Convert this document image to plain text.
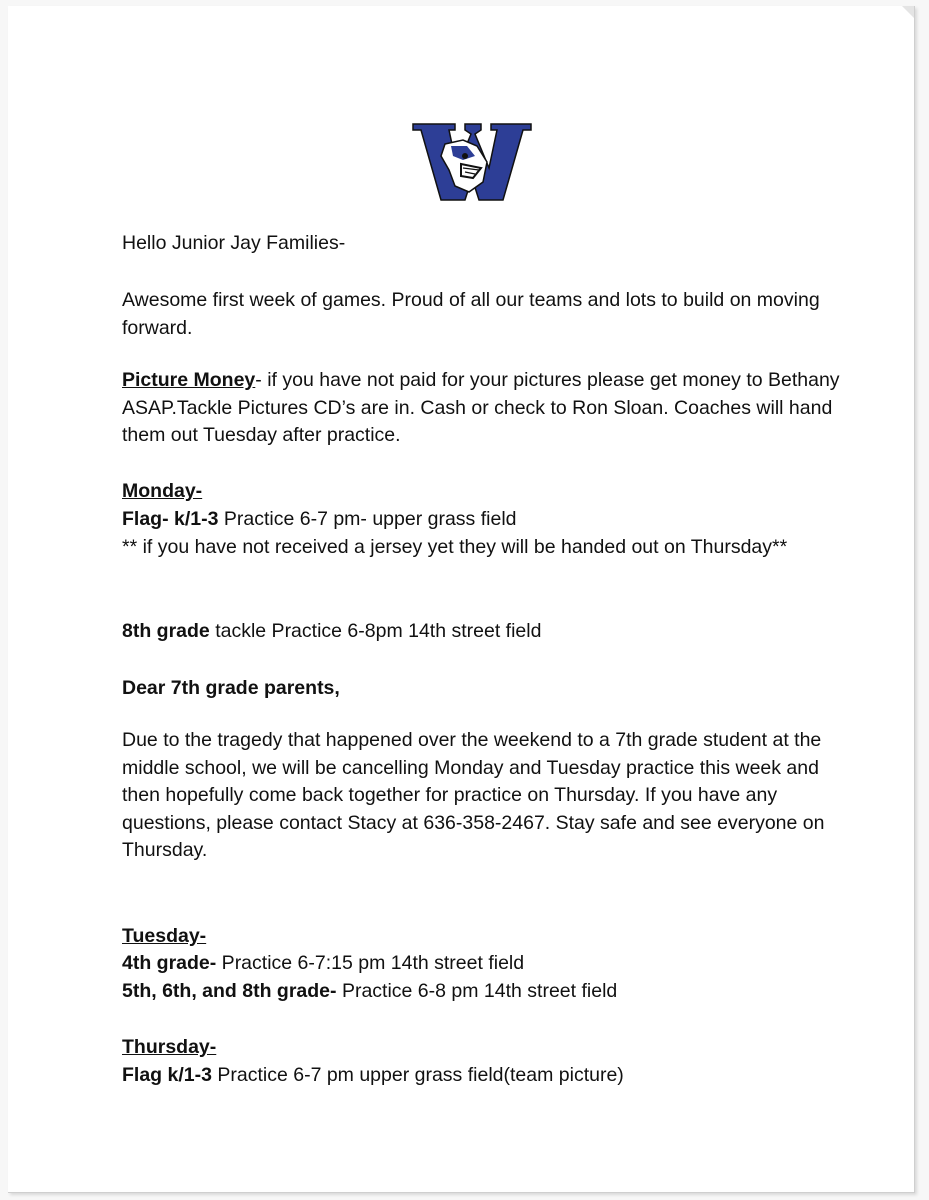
Hello Junior Jay Families-

Awesome first week of games. Proud of all our teams and lots to build on moving forward.

Picture Money- if you have not paid for your pictures please get money to Bethany ASAP.Tackle Pictures CD’s are in. Cash or check to Ron Sloan. Coaches will hand them out Tuesday after practice.

Monday-

Flag- k/1-3 Practice 6-7 pm- upper grass field

** if you have not received a jersey yet they will be handed out on Thursday**

8th grade tackle Practice 6-8pm 14th street field

Dear 7th grade parents,

Due to the tragedy that happened over the weekend to a 7th grade student at the middle school, we will be cancelling Monday and Tuesday practice this week and then hopefully come back together for practice on Thursday. If you have any questions, please contact Stacy at 636-358-2467. Stay safe and see everyone on Thursday.

Tuesday-

4th grade- Practice 6-7:15 pm 14th street field

5th, 6th, and 8th grade- Practice 6-8 pm 14th street field

Thursday-

Flag k/1-3 Practice 6-7 pm upper grass field(team picture)
